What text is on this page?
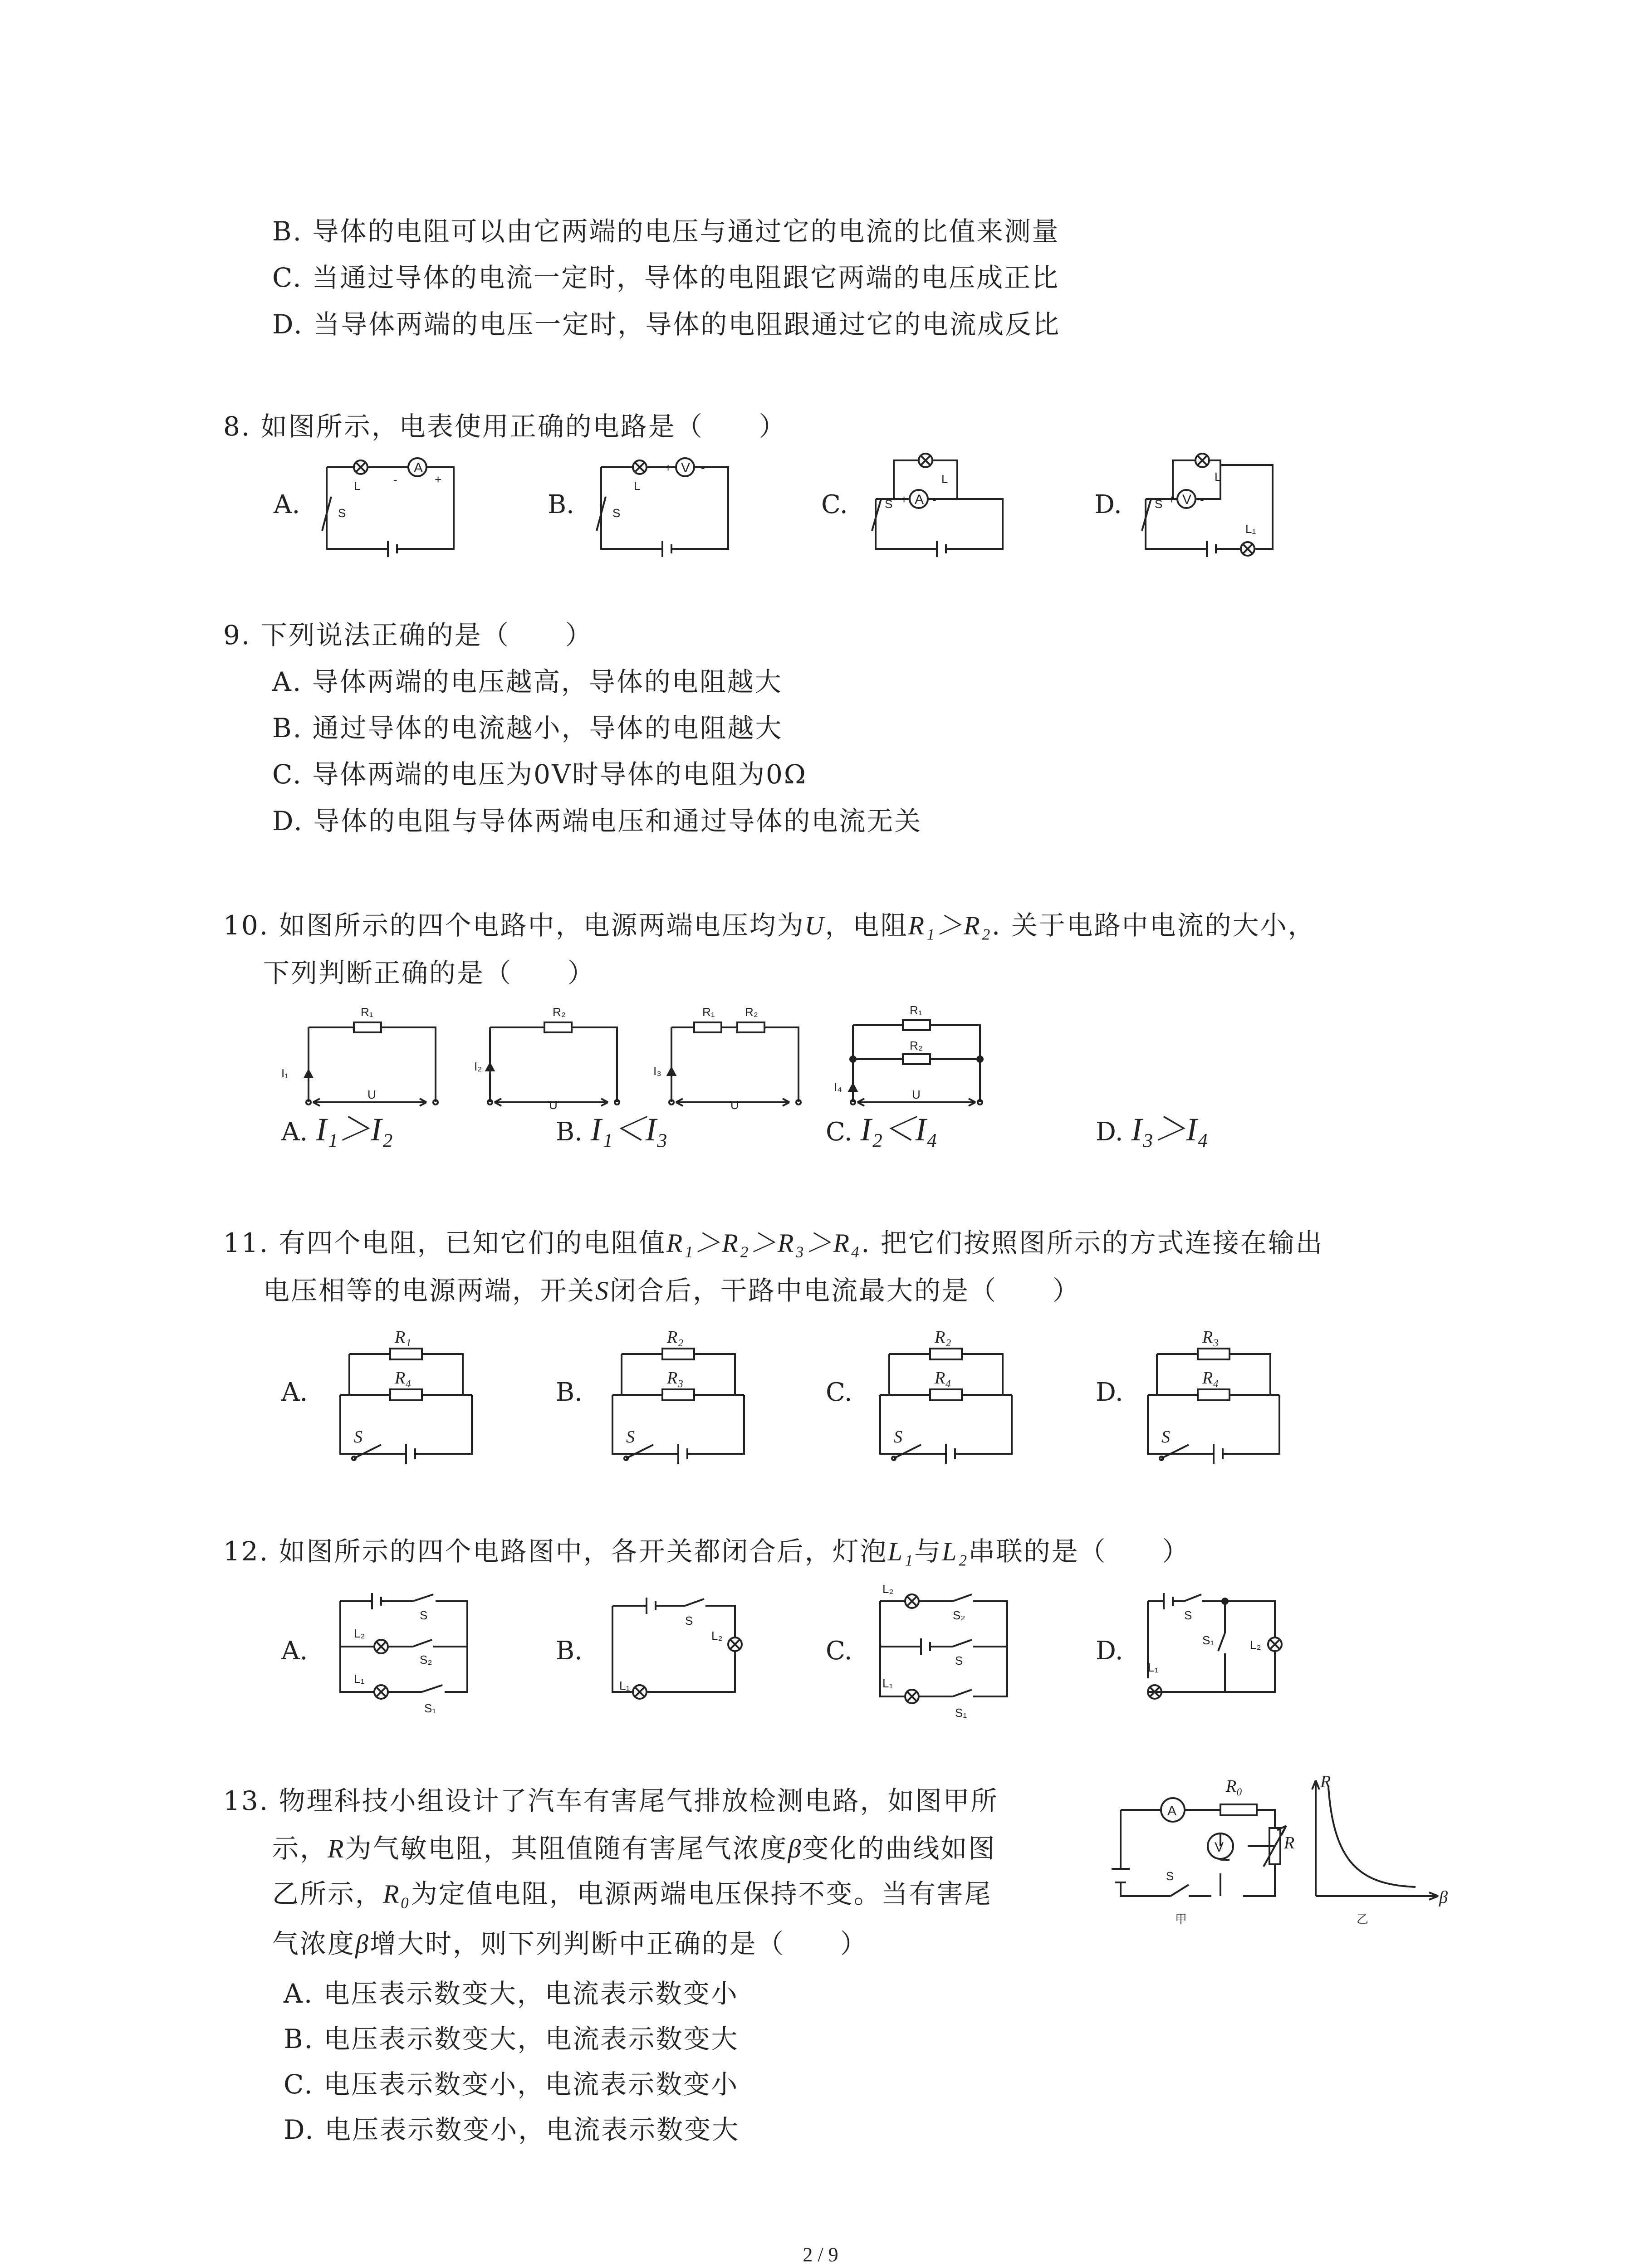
B. 导体的电阻可以由它两端的电压与通过它的电流的比值来测量
C. 当通过导体的电流一定时，导体的电阻跟它两端的电压成正比
D. 当导体两端的电压一定时，导体的电阻跟通过它的电流成反比
8. 如图所示，电表使用正确的电路是（　　）
A.	B.	C.	D.
A
L	-	+
S
V
L
+ -
S
A
L
+ -
S	V
L
+ -
L₁
S
9. 下列说法正确的是（　　）
A. 导体两端的电压越高，导体的电阻越大
B. 通过导体的电流越小，导体的电阻越大
C. 导体两端的电压为0V时导体的电阻为0Ω
D. 导体的电阻与导体两端电压和通过导体的电流无关
10. 如图所示的四个电路中，电源两端电压均为U，电阻R₁＞R₂. 关于电路中电流的大小，
下列判断正确的是（　　）
R₁
I₁
U
R₂
I₂
U
R₁	R₂
I₃
U
R₁
R₂
I₄
U
A. I₁＞I₂	B. I₁＜I₃	C. I₂＜I₄	D. I₃＞I₄
11. 有四个电阻，已知它们的电阻值R₁＞R₂＞R₃＞R₄. 把它们按照图所示的方式连接在输出
电压相等的电源两端，开关S闭合后，干路中电流最大的是（　　）
A.	B.	C.	D.
R₁
R₄
S
R₂
R₃
S
R₂
R₄
S
R₃
R₄
S
12. 如图所示的四个电路图中，各开关都闭合后，灯泡L₁与L₂串联的是（　　）
A.	B.	C.	D.
S
L₂
S₂
L₁
S₁
S
L₂
L₁
L₂
S₂
S
L₁
S₁
S
S₁	L₂
L₁
13. 物理科技小组设计了汽车有害尾气排放检测电路，如图甲所
示，R为气敏电阻，其阻值随有害尾气浓度β变化的曲线如图
乙所示，R₀为定值电阻，电源两端电压保持不变。当有害尾
气浓度β增大时，则下列判断中正确的是（　　）
A. 电压表示数变大，电流表示数变小
B. 电压表示数变大，电流表示数变大
C. 电压表示数变小，电流表示数变小
D. 电压表示数变小，电流表示数变大
A
R₀
V	R
S
甲
R
β
乙
2 / 9
